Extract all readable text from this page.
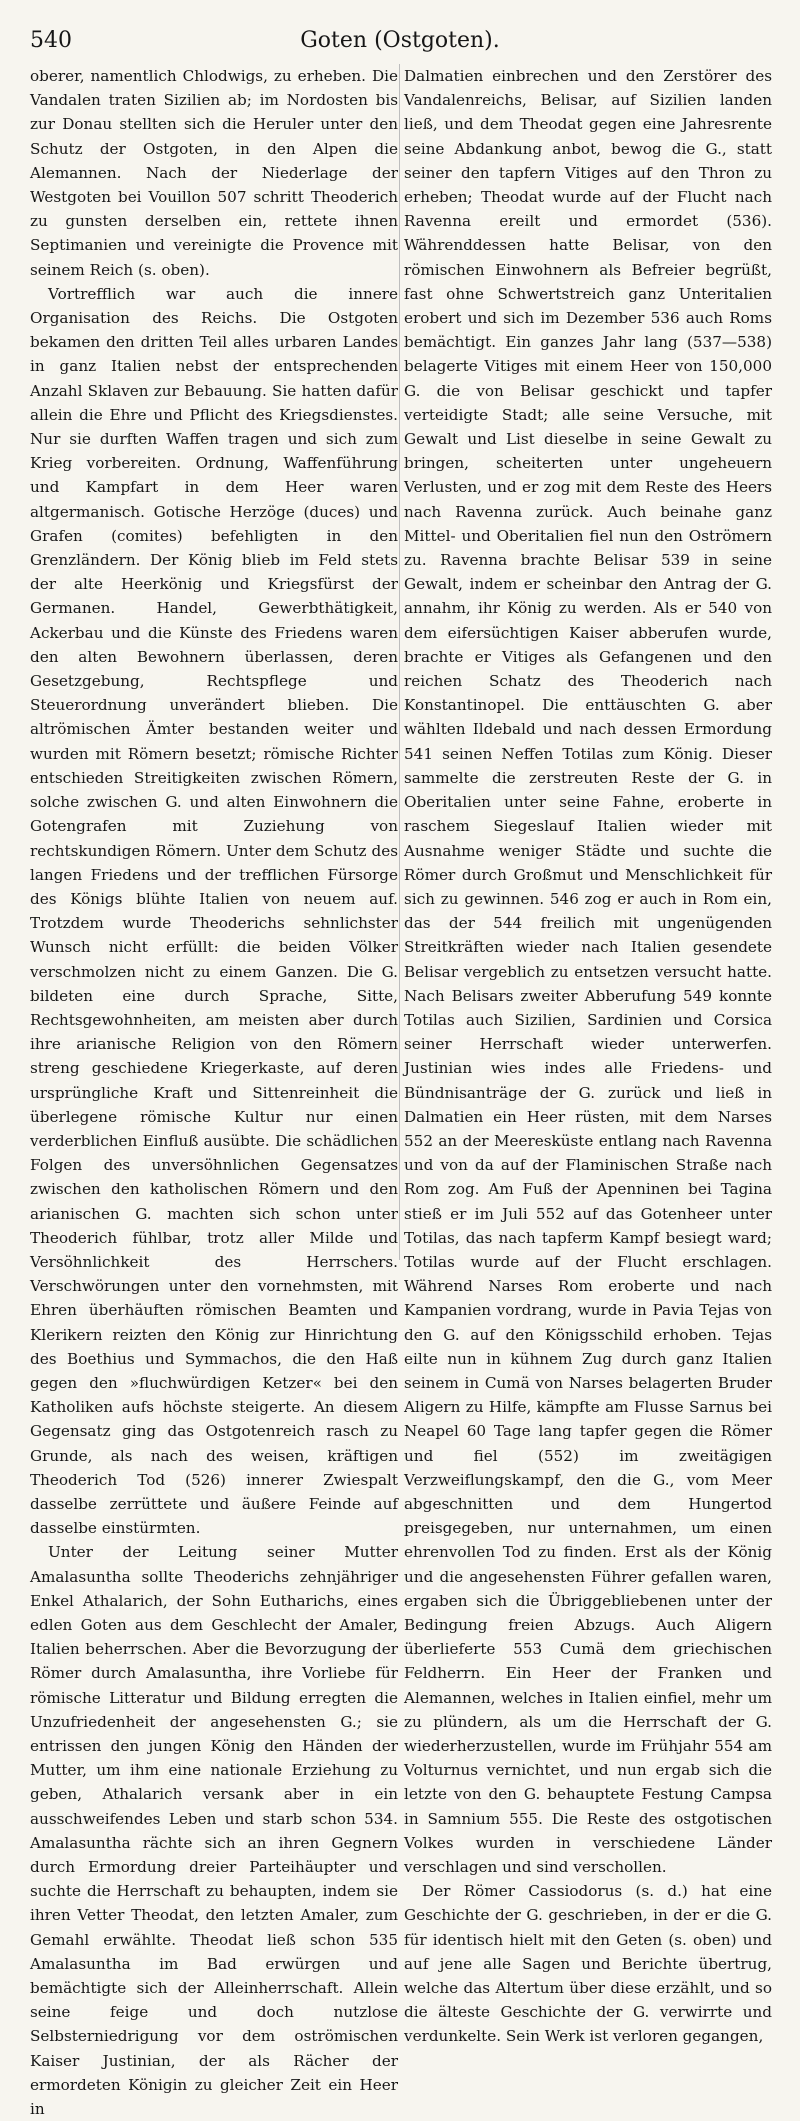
540	Goten (Ostgoten).

oberer, namentlich Chlodwigs, zu erheben. Die Vandalen traten Sizilien ab; im Nordosten bis zur Donau stellten sich die Heruler unter den Schutz der Ostgoten, in den Alpen die Alemannen. Nach der Niederlage der Westgoten bei Vouillon 507 schritt Theoderich zu gunsten derselben ein, rettete ihnen Septimanien und vereinigte die Provence mit seinem Reich (s. oben).

Vortrefflich war auch die innere Organisation des Reichs. Die Ostgoten bekamen den dritten Teil alles urbaren Landes in ganz Italien nebst der entsprechenden Anzahl Sklaven zur Bebauung. Sie hatten dafür allein die Ehre und Pflicht des Kriegsdienstes. Nur sie durften Waffen tragen und sich zum Krieg vorbereiten. Ordnung, Waffenführung und Kampfart in dem Heer waren altgermanisch. Gotische Herzöge (duces) und Grafen (comites) befehligten in den Grenzländern. Der König blieb im Feld stets der alte Heerkönig und Kriegsfürst der Germanen. Handel, Gewerbthätigkeit, Ackerbau und die Künste des Friedens waren den alten Bewohnern überlassen, deren Gesetzgebung, Rechtspflege und Steuerordnung unverändert blieben. Die altrömischen Ämter bestanden weiter und wurden mit Römern besetzt; römische Richter entschieden Streitigkeiten zwischen Römern, solche zwischen G. und alten Einwohnern die Gotengrafen mit Zuziehung von rechtskundigen Römern. Unter dem Schutz des langen Friedens und der trefflichen Fürsorge des Königs blühte Italien von neuem auf. Trotzdem wurde Theoderichs sehnlichster Wunsch nicht erfüllt: die beiden Völker verschmolzen nicht zu einem Ganzen. Die G. bildeten eine durch Sprache, Sitte, Rechtsgewohnheiten, am meisten aber durch ihre arianische Religion von den Römern streng geschiedene Kriegerkaste, auf deren ursprüngliche Kraft und Sittenreinheit die überlegene römische Kultur nur einen verderblichen Einfluß ausübte. Die schädlichen Folgen des unversöhnlichen Gegensatzes zwischen den katholischen Römern und den arianischen G. machten sich schon unter Theoderich fühlbar, trotz aller Milde und Versöhnlichkeit des Herrschers. Verschwörungen unter den vornehmsten, mit Ehren überhäuften römischen Beamten und Klerikern reizten den König zur Hinrichtung des Boethius und Symmachos, die den Haß gegen den »fluchwürdigen Ketzer« bei den Katholiken aufs höchste steigerte. An diesem Gegensatz ging das Ostgotenreich rasch zu Grunde, als nach des weisen, kräftigen Theoderich Tod (526) innerer Zwiespalt dasselbe zerrüttete und äußere Feinde auf dasselbe einstürmten.

Unter der Leitung seiner Mutter Amalasuntha sollte Theoderichs zehnjähriger Enkel Athalarich, der Sohn Eutharichs, eines edlen Goten aus dem Geschlecht der Amaler, Italien beherrschen. Aber die Bevorzugung der Römer durch Amalasuntha, ihre Vorliebe für römische Litteratur und Bildung erregten die Unzufriedenheit der angesehensten G.; sie entrissen den jungen König den Händen der Mutter, um ihm eine nationale Erziehung zu geben, Athalarich versank aber in ein ausschweifendes Leben und starb schon 534. Amalasuntha rächte sich an ihren Gegnern durch Ermordung dreier Parteihäupter und suchte die Herrschaft zu behaupten, indem sie ihren Vetter Theodat, den letzten Amaler, zum Gemahl erwählte. Theodat ließ schon 535 Amalasuntha im Bad erwürgen und bemächtigte sich der Alleinherrschaft. Allein seine feige und doch nutzlose Selbsterniedrigung vor dem oströmischen Kaiser Justinian, der als Rächer der ermordeten Königin zu gleicher Zeit ein Heer in

Dalmatien einbrechen und den Zerstörer des Vandalenreichs, Belisar, auf Sizilien landen ließ, und dem Theodat gegen eine Jahresrente seine Abdankung anbot, bewog die G., statt seiner den tapfern Vitiges auf den Thron zu erheben; Theodat wurde auf der Flucht nach Ravenna ereilt und ermordet (536). Währenddessen hatte Belisar, von den römischen Einwohnern als Befreier begrüßt, fast ohne Schwertstreich ganz Unteritalien erobert und sich im Dezember 536 auch Roms bemächtigt. Ein ganzes Jahr lang (537—538) belagerte Vitiges mit einem Heer von 150,000 G. die von Belisar geschickt und tapfer verteidigte Stadt; alle seine Versuche, mit Gewalt und List dieselbe in seine Gewalt zu bringen, scheiterten unter ungeheuern Verlusten, und er zog mit dem Reste des Heers nach Ravenna zurück. Auch beinahe ganz Mittel- und Oberitalien fiel nun den Oströmern zu. Ravenna brachte Belisar 539 in seine Gewalt, indem er scheinbar den Antrag der G. annahm, ihr König zu werden. Als er 540 von dem eifersüchtigen Kaiser abberufen wurde, brachte er Vitiges als Gefangenen und den reichen Schatz des Theoderich nach Konstantinopel. Die enttäuschten G. aber wählten Ildebald und nach dessen Ermordung 541 seinen Neffen Totilas zum König. Dieser sammelte die zerstreuten Reste der G. in Oberitalien unter seine Fahne, eroberte in raschem Siegeslauf Italien wieder mit Ausnahme weniger Städte und suchte die Römer durch Großmut und Menschlichkeit für sich zu gewinnen. 546 zog er auch in Rom ein, das der 544 freilich mit ungenügenden Streitkräften wieder nach Italien gesendete Belisar vergeblich zu entsetzen versucht hatte. Nach Belisars zweiter Abberufung 549 konnte Totilas auch Sizilien, Sardinien und Corsica seiner Herrschaft wieder unterwerfen. Justinian wies indes alle Friedens- und Bündnisanträge der G. zurück und ließ in Dalmatien ein Heer rüsten, mit dem Narses 552 an der Meeresküste entlang nach Ravenna und von da auf der Flaminischen Straße nach Rom zog. Am Fuß der Apenninen bei Tagina stieß er im Juli 552 auf das Gotenheer unter Totilas, das nach tapferm Kampf besiegt ward; Totilas wurde auf der Flucht erschlagen. Während Narses Rom eroberte und nach Kampanien vordrang, wurde in Pavia Tejas von den G. auf den Königsschild erhoben. Tejas eilte nun in kühnem Zug durch ganz Italien seinem in Cumä von Narses belagerten Bruder Aligern zu Hilfe, kämpfte am Flusse Sarnus bei Neapel 60 Tage lang tapfer gegen die Römer und fiel (552) im zweitägigen Verzweiflungskampf, den die G., vom Meer abgeschnitten und dem Hungertod preisgegeben, nur unternahmen, um einen ehrenvollen Tod zu finden. Erst als der König und die angesehensten Führer gefallen waren, ergaben sich die Übriggebliebenen unter der Bedingung freien Abzugs. Auch Aligern überlieferte 553 Cumä dem griechischen Feldherrn. Ein Heer der Franken und Alemannen, welches in Italien einfiel, mehr um zu plündern, als um die Herrschaft der G. wiederherzustellen, wurde im Frühjahr 554 am Volturnus vernichtet, und nun ergab sich die letzte von den G. behauptete Festung Campsa in Samnium 555. Die Reste des ostgotischen Volkes wurden in verschiedene Länder verschlagen und sind verschollen.

Der Römer Cassiodorus (s. d.) hat eine Geschichte der G. geschrieben, in der er die G. für identisch hielt mit den Geten (s. oben) und auf jene alle Sagen und Berichte übertrug, welche das Altertum über diese erzählt, und so die älteste Geschichte der G. verwirrte und verdunkelte. Sein Werk ist verloren gegangen,
